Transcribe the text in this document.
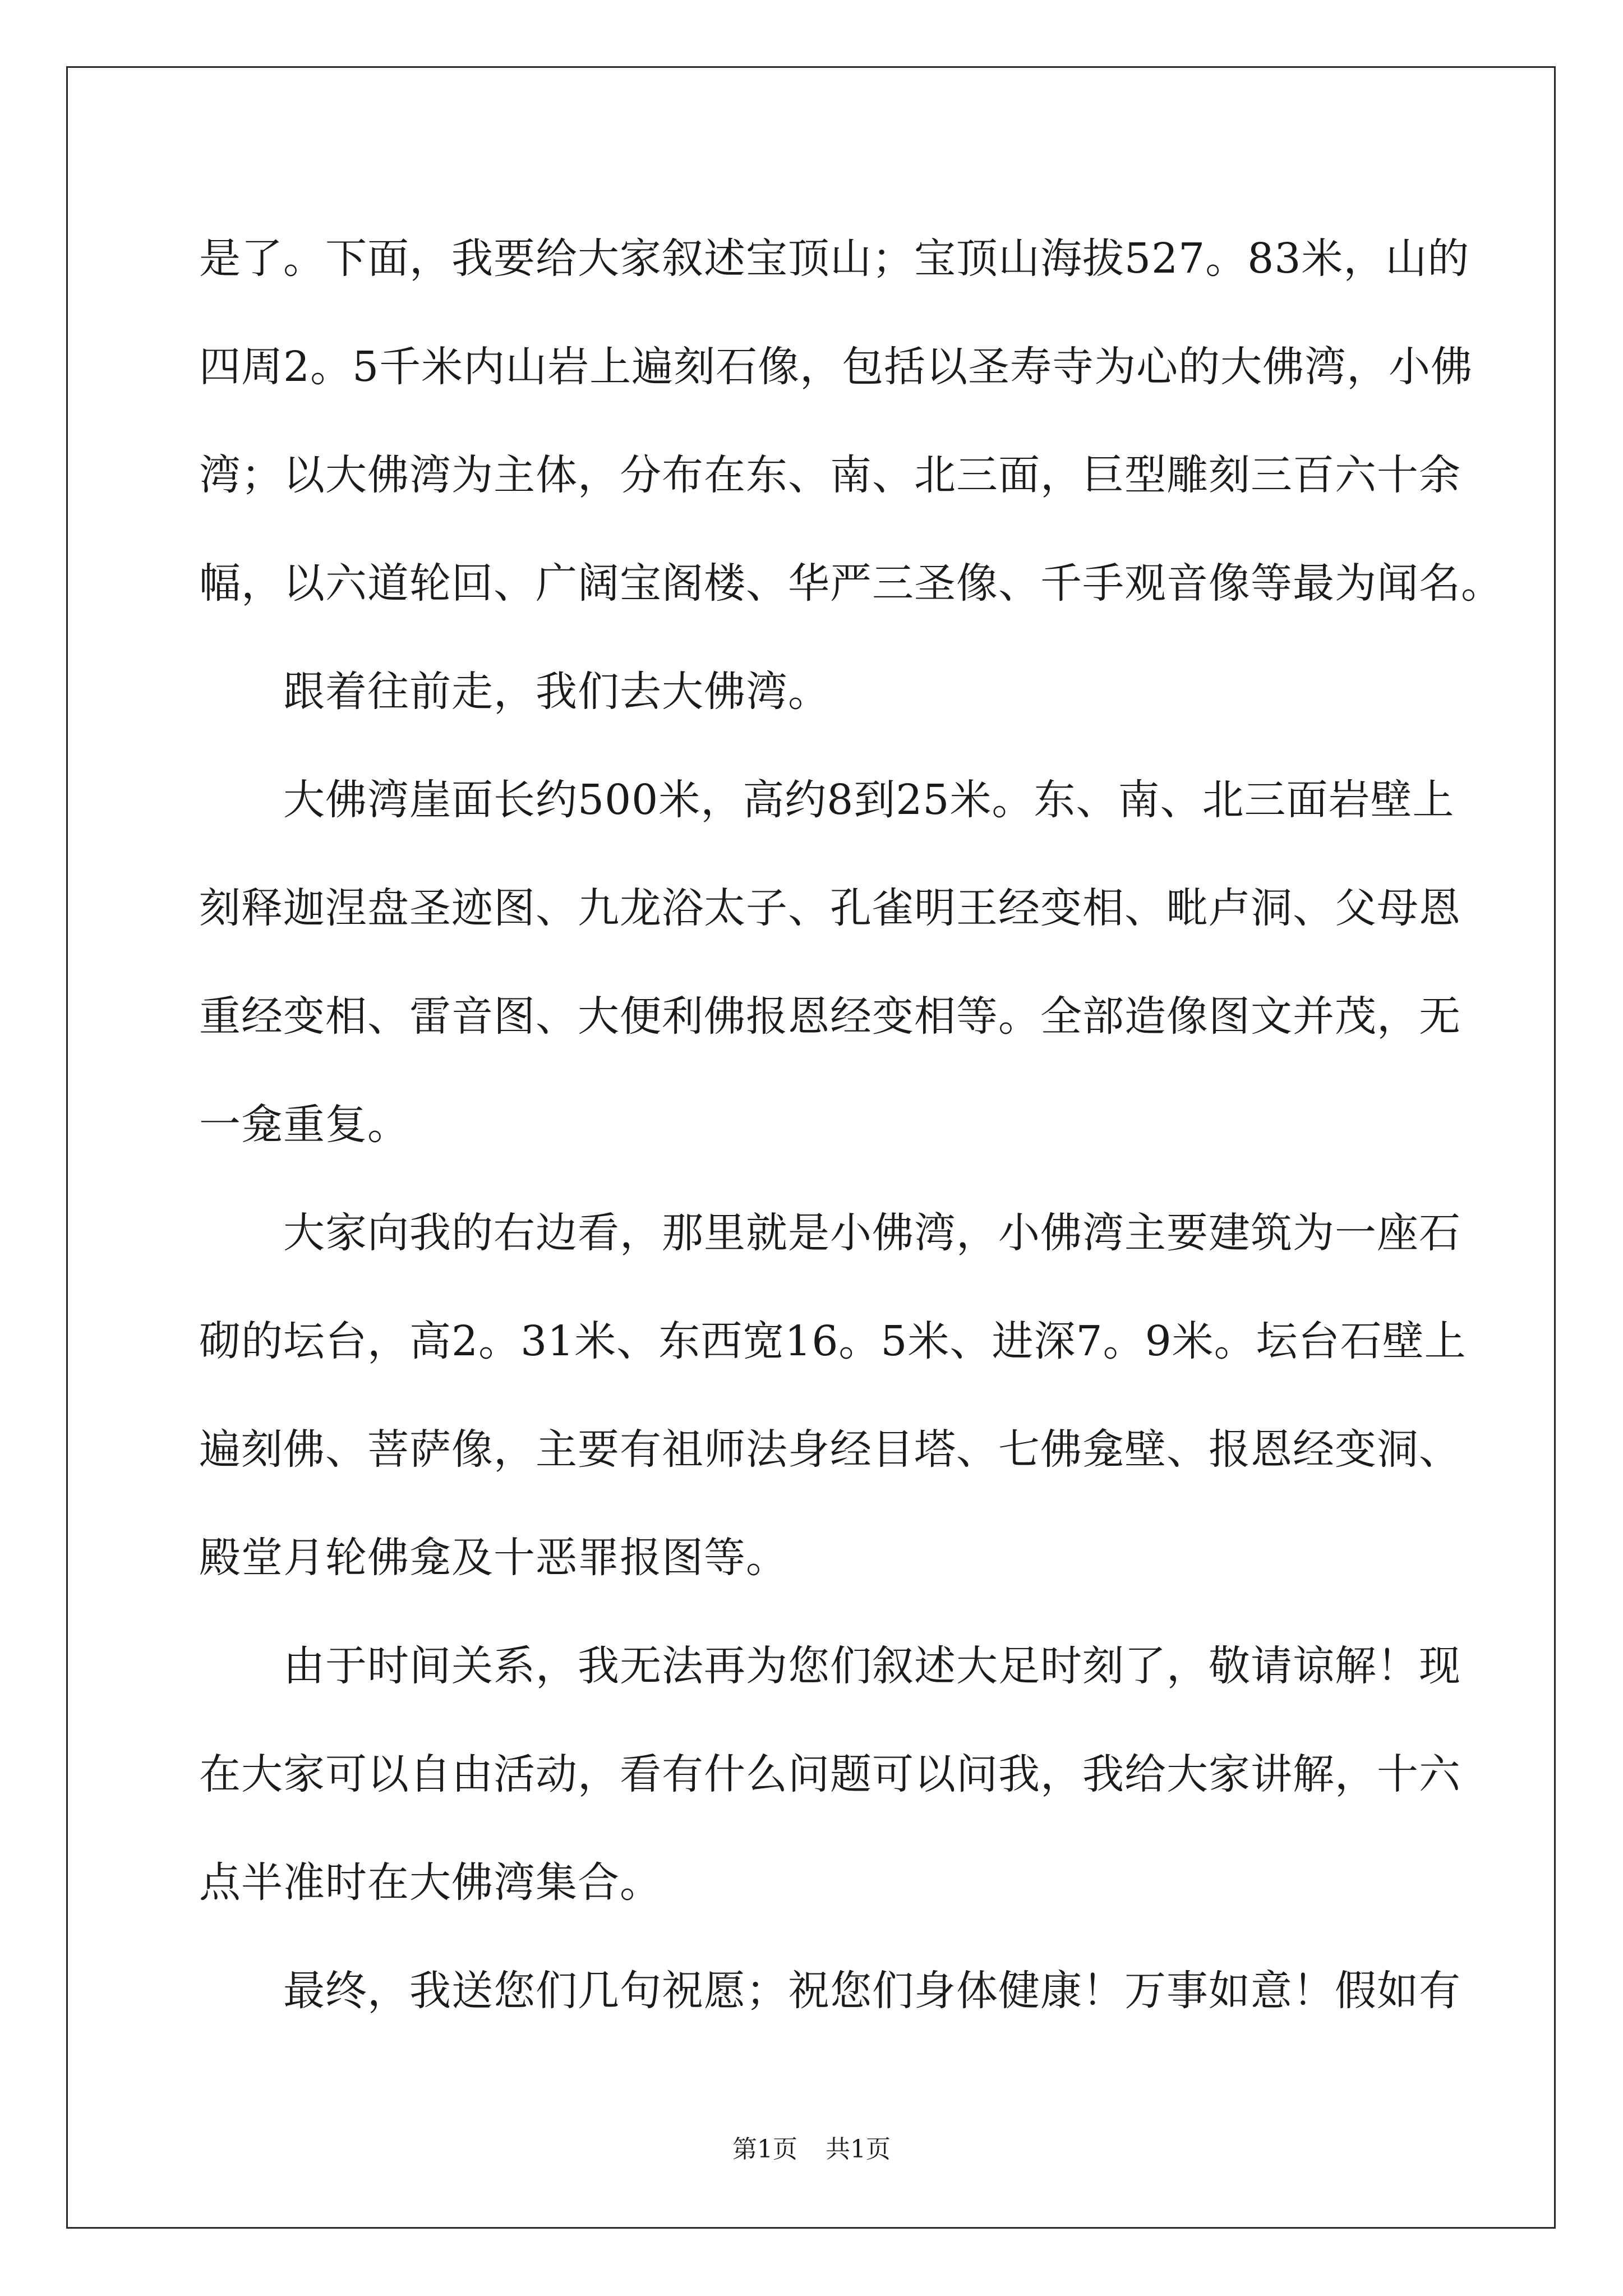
是了。下面，我要给大家叙述宝顶山；宝顶山海拔527。83米，山的
四周2。5千米内山岩上遍刻石像，包括以圣寿寺为心的大佛湾，小佛
湾；以大佛湾为主体，分布在东、南、北三面，巨型雕刻三百六十余
幅，以六道轮回、广阔宝阁楼、华严三圣像、千手观音像等最为闻名。

跟着往前走，我们去大佛湾。

大佛湾崖面长约500米，高约8到25米。东、南、北三面岩壁上
刻释迦涅盘圣迹图、九龙浴太子、孔雀明王经变相、毗卢洞、父母恩
重经变相、雷音图、大便利佛报恩经变相等。全部造像图文并茂，无
一龛重复。

大家向我的右边看，那里就是小佛湾，小佛湾主要建筑为一座石
砌的坛台，高2。31米、东西宽16。5米、进深7。9米。坛台石壁上
遍刻佛、菩萨像，主要有祖师法身经目塔、七佛龛壁、报恩经变洞、
殿堂月轮佛龛及十恶罪报图等。

由于时间关系，我无法再为您们叙述大足时刻了，敬请谅解！现
在大家可以自由活动，看有什么问题可以问我，我给大家讲解，十六
点半准时在大佛湾集合。

最终，我送您们几句祝愿；祝您们身体健康！万事如意！假如有

第1页 共1页
